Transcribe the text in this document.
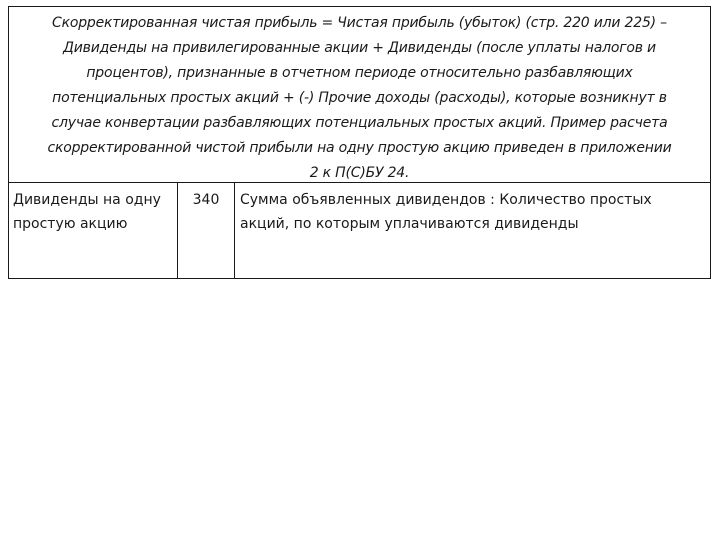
Скорректированная чистая прибыль = Чистая прибыль (убыток) (стр. 220 или 225) –
Дивиденды на привилегированные акции + Дивиденды (после уплаты налогов и
процентов), признанные в отчетном периоде относительно разбавляющих
потенциальных простых акций + (-) Прочие доходы (расходы), которые возникнут в
случае конвертации разбавляющих потенциальных простых акций. Пример расчета
скорректированной чистой прибыли на одну простую акцию приведен в приложении
2 к П(С)БУ 24.
Дивиденды на одну
простую акцию
340	Сумма объявленных дивидендов : Количество простых
акций, по которым уплачиваются дивиденды
